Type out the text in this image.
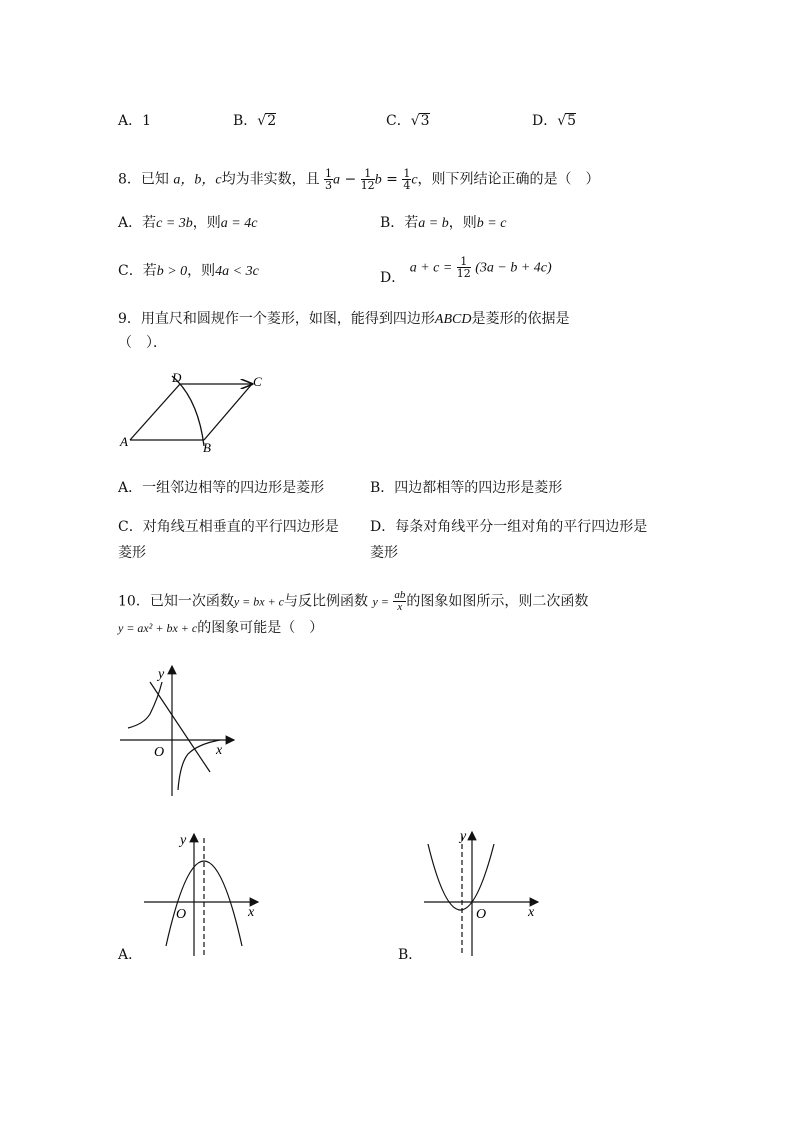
A．1	B．√2	C．√3	D．√5
8．已知 a，b，c均为非实数，且 $\frac{1}{3}$ $a - \frac{1}{12}$ $b = \frac{1}{4}$ c，则下列结论正确的是（　）
A．若c = 3b，则a = 4c	B．若a = b，则b = c
C．若b > 0，则4a < 3c	D． $a + c = \frac{1}{12} (3a - b + 4c)$
9．用直尺和圆规作一个菱形，如图，能得到四边形ABCD是菱形的依据是
（　）．
A	B
C
D
A．一组邻边相等的四边形是菱形	B．四边都相等的四边形是菱形
C．对角线互相垂直的平行四边形是
菱形
D．每条对角线平分一组对角的平行四边形是
菱形
10．已知一次函数y = bx + c与反比例函数 $y = \frac{ab}{x}$ 的图象如图所示，则二次函数
y = ax² + bx + c的图象可能是（　）
y
x
O
y
x
O
A．
y
x
O
B．
